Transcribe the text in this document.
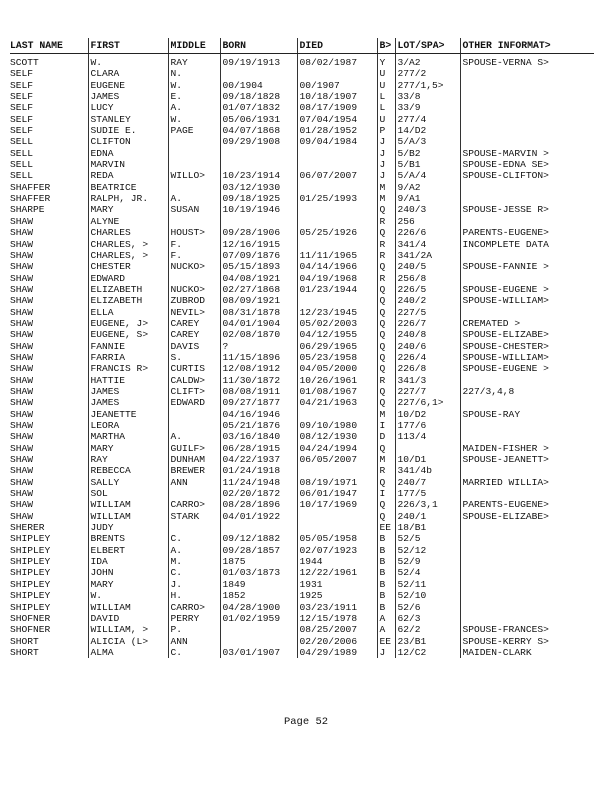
LAST NAME	FIRST	MIDDLE	BORN	DIED	B>	LOT/SPA>	OTHER INFORMAT>
SCOTT	W.	RAY	09/19/1913	08/02/1987	Y	3/A2	SPOUSE-VERNA S>
SELF	CLARA	N.			U	277/2	
SELF	EUGENE	W.	00/1904	00/1907	U	277/1,5>	
SELF	JAMES	E.	09/18/1828	10/18/1907	L	33/8	
SELF	LUCY	A.	01/07/1832	08/17/1909	L	33/9	
SELF	STANLEY	W.	05/06/1931	07/04/1954	U	277/4	
SELF	SUDIE E.	PAGE	04/07/1868	01/28/1952	P	14/D2	
SELL	CLIFTON		09/29/1908	09/04/1984	J	5/A/3	
SELL	EDNA				J	5/B2	SPOUSE-MARVIN >
SELL	MARVIN				J	5/B1	SPOUSE-EDNA SE>
SELL	REDA	WILLO>	10/23/1914	06/07/2007	J	5/A/4	SPOUSE-CLIFTON>
SHAFFER	BEATRICE		03/12/1930		M	9/A2	
SHAFFER	RALPH, JR.	A.	09/18/1925	01/25/1993	M	9/A1	
SHARPE	MARY	SUSAN	10/19/1946		Q	240/3	SPOUSE-JESSE R>
SHAW	ALYNE				R	256	
SHAW	CHARLES	HOUST>	09/28/1906	05/25/1926	Q	226/6	PARENTS-EUGENE>
SHAW	CHARLES, >	F.	12/16/1915		R	341/4	INCOMPLETE DATA
SHAW	CHARLES, >	F.	07/09/1876	11/11/1965	R	341/2A	
SHAW	CHESTER	NUCKO>	05/15/1893	04/14/1966	Q	240/5	SPOUSE-FANNIE >
SHAW	EDWARD		04/08/1921	04/19/1968	R	256/8	
SHAW	ELIZABETH	NUCKO>	02/27/1868	01/23/1944	Q	226/5	SPOUSE-EUGENE >
SHAW	ELIZABETH	ZUBROD	08/09/1921		Q	240/2	SPOUSE-WILLIAM>
SHAW	ELLA	NEVIL>	08/31/1878	12/23/1945	Q	227/5	
SHAW	EUGENE, J>	CAREY	04/01/1904	05/02/2003	Q	226/7	CREMATED >
SHAW	EUGENE, S>	CAREY	02/08/1870	04/12/1955	Q	240/8	SPOUSE-ELIZABE>
SHAW	FANNIE	DAVIS	?	06/29/1965	Q	240/6	SPOUSE-CHESTER>
SHAW	FARRIA	S.	11/15/1896	05/23/1958	Q	226/4	SPOUSE-WILLIAM>
SHAW	FRANCIS R>	CURTIS	12/08/1912	04/05/2000	Q	226/8	SPOUSE-EUGENE >
SHAW	HATTIE	CALDW>	11/30/1872	10/26/1961	R	341/3	
SHAW	JAMES	CLIFT>	08/08/1911	01/08/1967	Q	227/7	227/3,4,8
SHAW	JAMES	EDWARD	09/27/1877	04/21/1963	Q	227/6,1>	
SHAW	JEANETTE		04/16/1946		M	10/D2	SPOUSE-RAY
SHAW	LEORA		05/21/1876	09/10/1980	I	177/6	
SHAW	MARTHA	A.	03/16/1840	08/12/1930	D	113/4	
SHAW	MARY	GUILF>	06/28/1915	04/24/1994	Q		MAIDEN-FISHER >
SHAW	RAY	DUNHAM	04/22/1937	06/05/2007	M	10/D1	SPOUSE-JEANETT>
SHAW	REBECCA	BREWER	01/24/1918		R	341/4b	
SHAW	SALLY	ANN	11/24/1948	08/19/1971	Q	240/7	MARRIED WILLIA>
SHAW	SOL		02/20/1872	06/01/1947	I	177/5	
SHAW	WILLIAM	CARRO>	08/28/1896	10/17/1969	Q	226/3,1	PARENTS-EUGENE>
SHAW	WILLIAM	STARK	04/01/1922		Q	240/1	SPOUSE-ELIZABE>
SHERER	JUDY				EE	18/B1	
SHIPLEY	BRENTS	C.	09/12/1882	05/05/1958	B	52/5	
SHIPLEY	ELBERT	A.	09/28/1857	02/07/1923	B	52/12	
SHIPLEY	IDA	M.	1875	1944	B	52/9	
SHIPLEY	JOHN	C.	01/03/1873	12/22/1961	B	52/4	
SHIPLEY	MARY	J.	1849	1931	B	52/11	
SHIPLEY	W.	H.	1852	1925	B	52/10	
SHIPLEY	WILLIAM	CARRO>	04/28/1900	03/23/1911	B	52/6	
SHOFNER	DAVID	PERRY	01/02/1959	12/15/1978	A	62/3	
SHOFNER	WILLIAM, >	P.		08/25/2007	A	62/2	SPOUSE-FRANCES>
SHORT	ALICIA (L>	ANN		02/20/2006	EE	23/B1	SPOUSE-KERRY S>
SHORT	ALMA	C.	03/01/1907	04/29/1989	J	12/C2	MAIDEN-CLARK
Page 52
